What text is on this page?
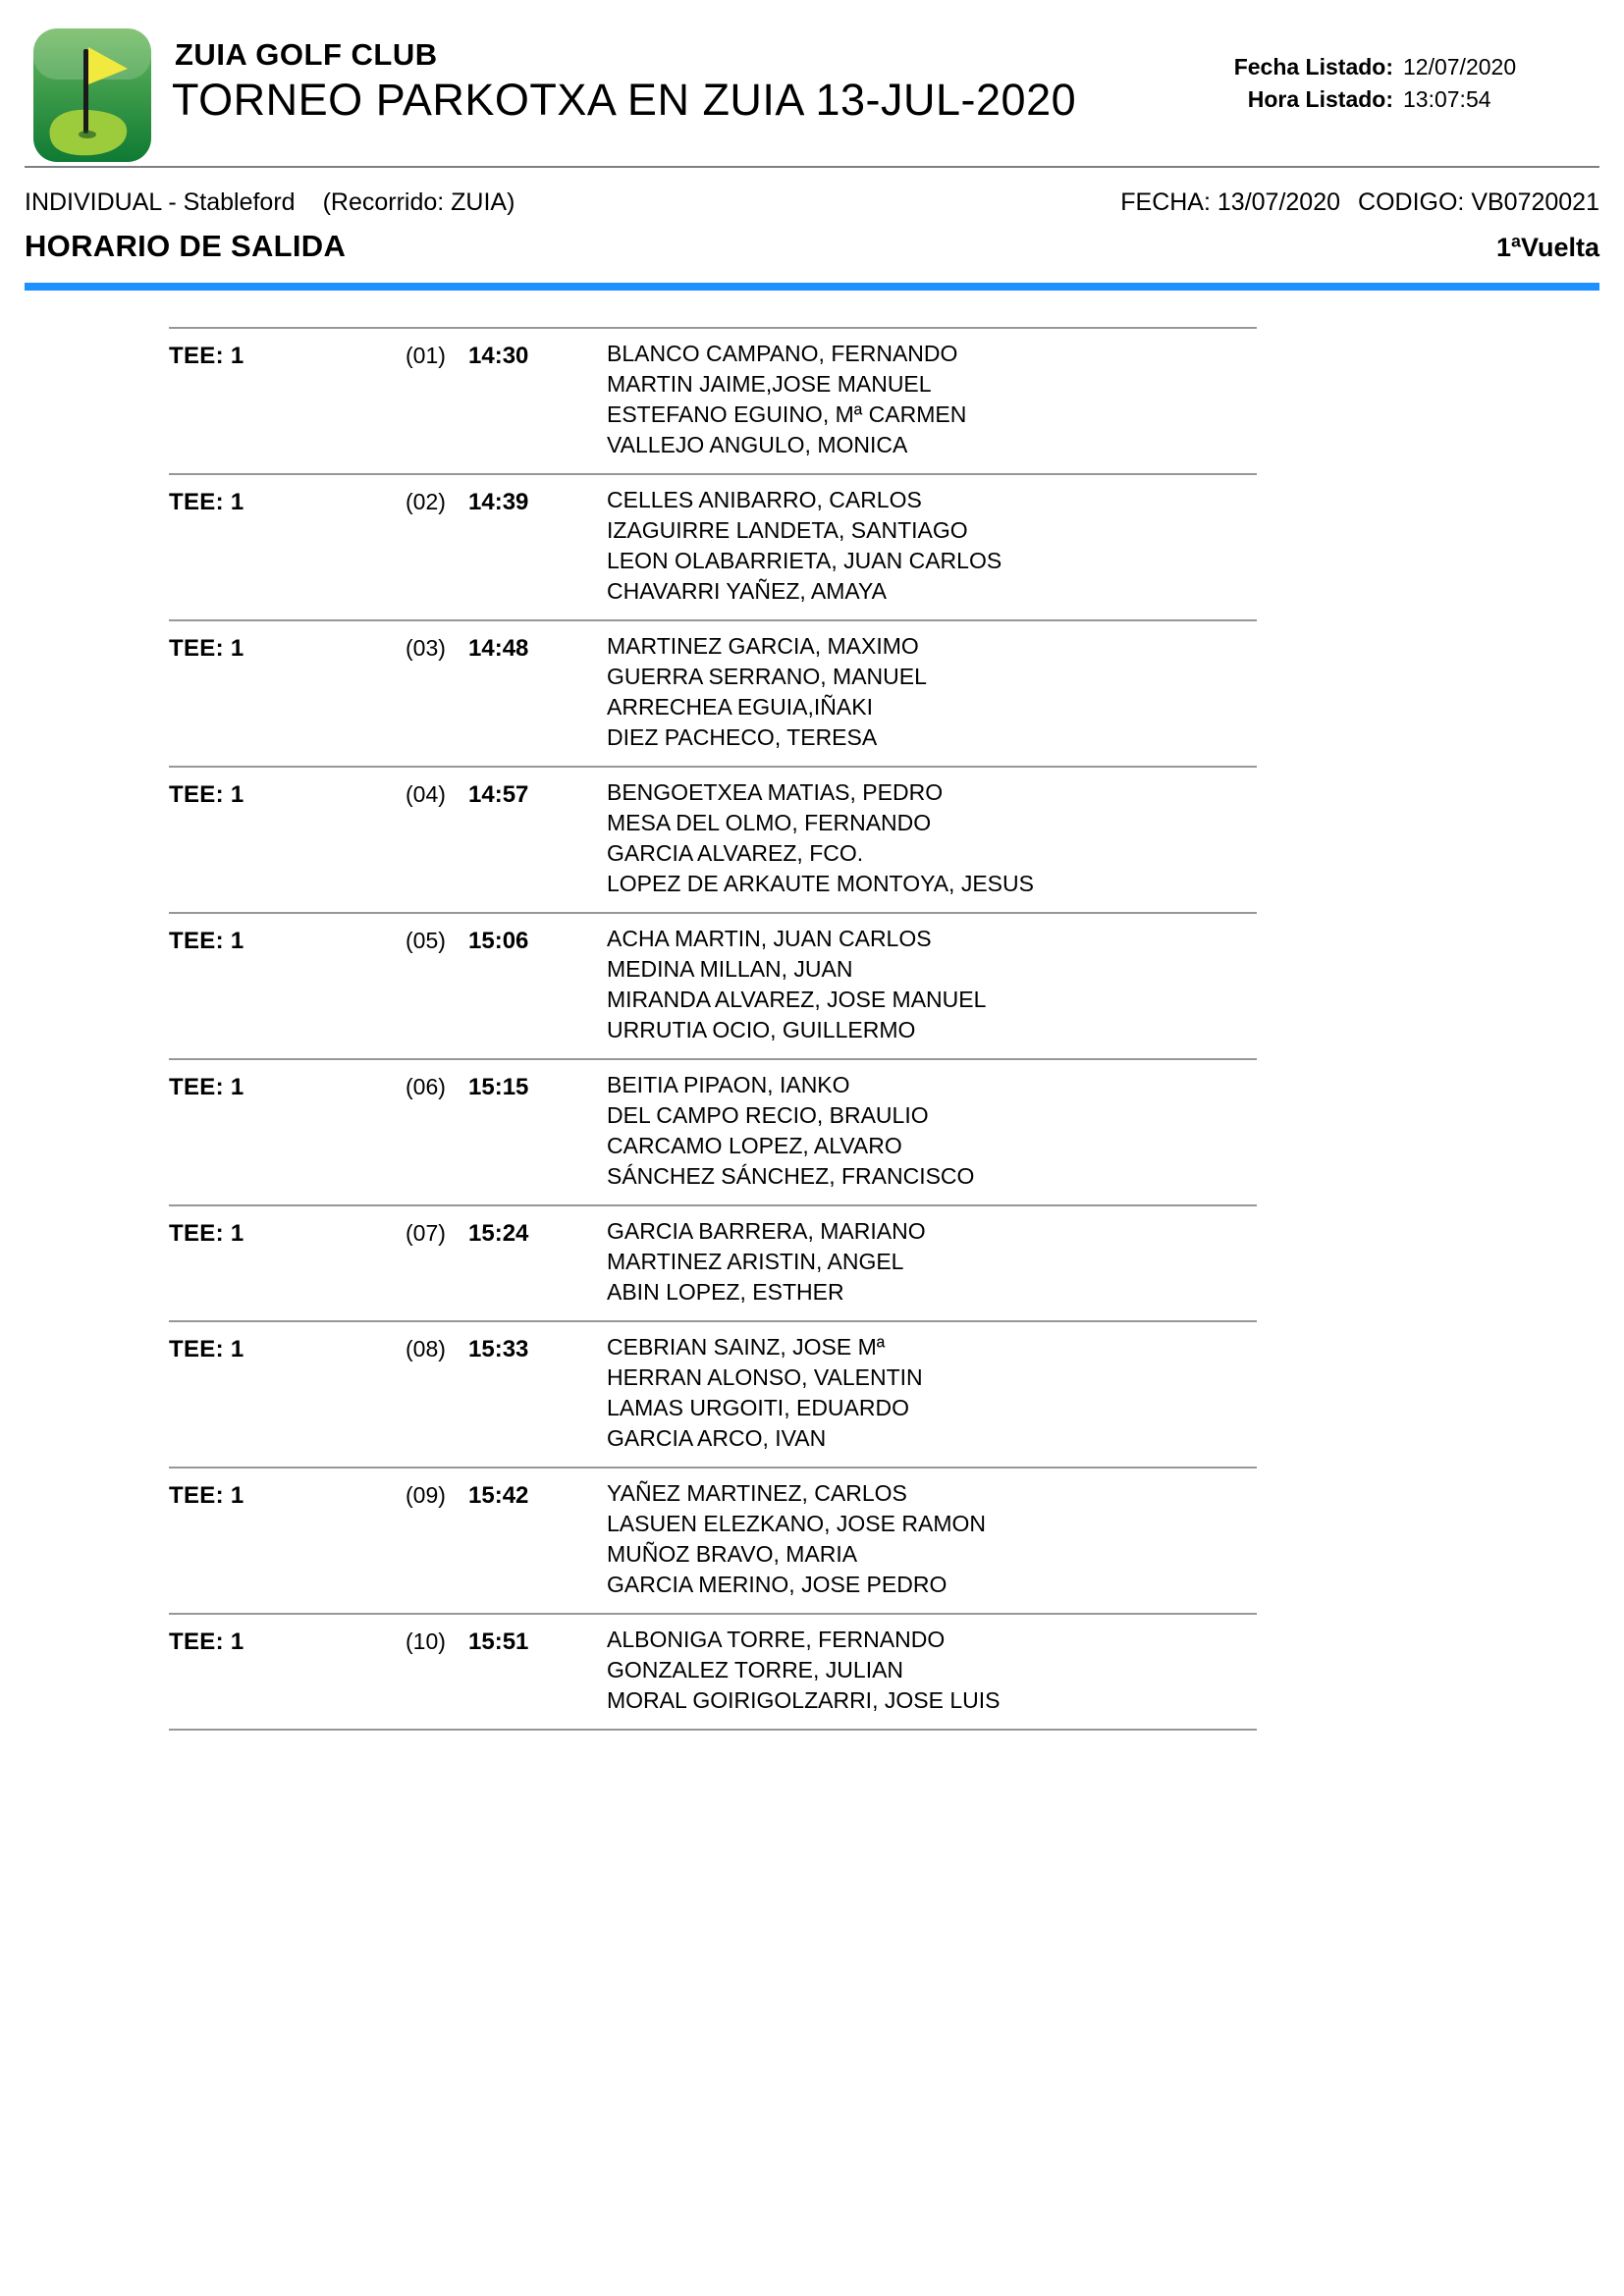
ZUIA GOLF CLUB
TORNEO PARKOTXA EN ZUIA 13-JUL-2020
Fecha Listado: 12/07/2020
Hora Listado: 13:07:54
INDIVIDUAL - Stableford (Recorrido: ZUIA)	FECHA: 13/07/2020 CODIGO: VB0720021
HORARIO DE SALIDA	1ªVuelta
TEE: 1	(01) 14:30	BLANCO CAMPANO, FERNANDO
MARTIN JAIME,JOSE MANUEL
ESTEFANO EGUINO, Mª CARMEN
VALLEJO ANGULO, MONICA
TEE: 1	(02) 14:39	CELLES ANIBARRO, CARLOS
IZAGUIRRE LANDETA, SANTIAGO
LEON OLABARRIETA, JUAN CARLOS
CHAVARRI YAÑEZ, AMAYA
TEE: 1	(03) 14:48	MARTINEZ GARCIA, MAXIMO
GUERRA SERRANO, MANUEL
ARRECHEA EGUIA,IÑAKI
DIEZ PACHECO, TERESA
TEE: 1	(04) 14:57	BENGOETXEA MATIAS, PEDRO
MESA DEL OLMO, FERNANDO
GARCIA ALVAREZ, FCO.
LOPEZ DE ARKAUTE MONTOYA, JESUS
TEE: 1	(05) 15:06	ACHA MARTIN, JUAN CARLOS
MEDINA MILLAN, JUAN
MIRANDA ALVAREZ, JOSE MANUEL
URRUTIA OCIO, GUILLERMO
TEE: 1	(06) 15:15	BEITIA PIPAON, IANKO
DEL CAMPO RECIO, BRAULIO
CARCAMO LOPEZ, ALVARO
SÁNCHEZ SÁNCHEZ, FRANCISCO
TEE: 1	(07) 15:24	GARCIA BARRERA, MARIANO
MARTINEZ ARISTIN, ANGEL
ABIN LOPEZ, ESTHER
TEE: 1	(08) 15:33	CEBRIAN SAINZ, JOSE Mª
HERRAN ALONSO, VALENTIN
LAMAS URGOITI, EDUARDO
GARCIA ARCO, IVAN
TEE: 1	(09) 15:42	YAÑEZ MARTINEZ, CARLOS
LASUEN ELEZKANO, JOSE RAMON
MUÑOZ BRAVO, MARIA
GARCIA MERINO, JOSE PEDRO
TEE: 1	(10) 15:51	ALBONIGA TORRE, FERNANDO
GONZALEZ TORRE, JULIAN
MORAL GOIRIGOLZARRI, JOSE LUIS
